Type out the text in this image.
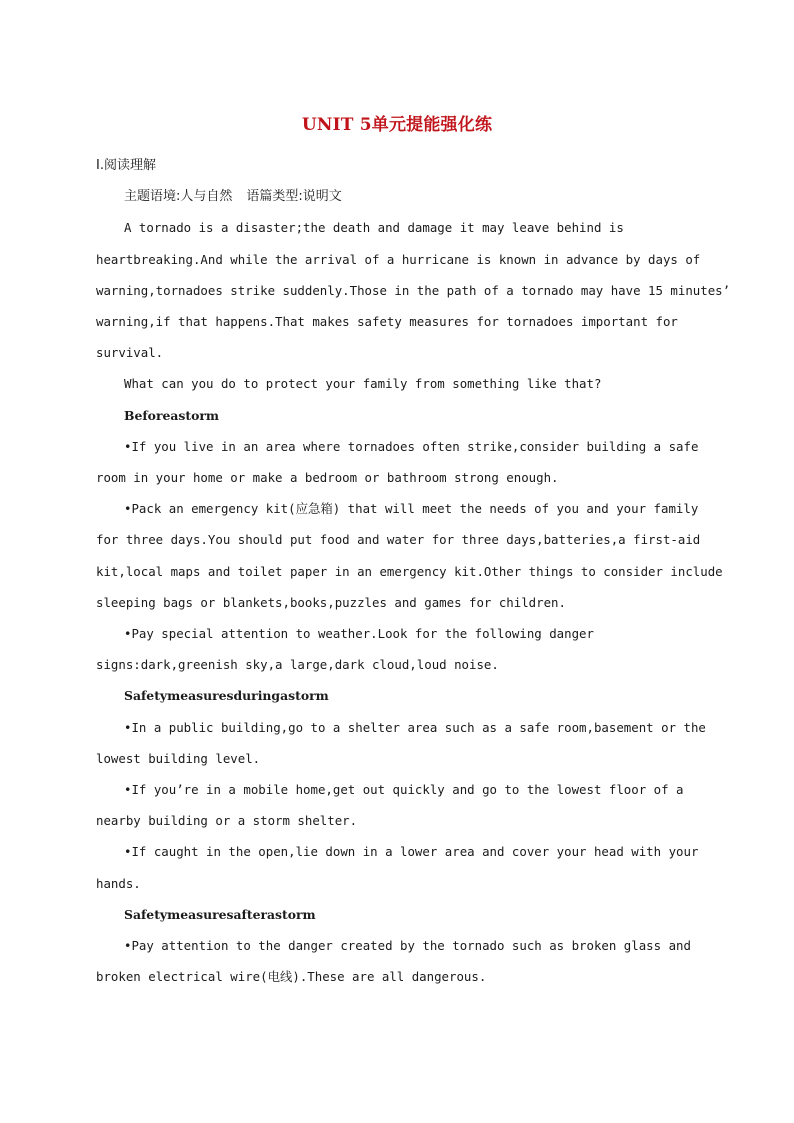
UNIT 5单元提能强化练
Ⅰ.阅读理解
主题语境:人与自然 语篇类型:说明文
A tornado is a disaster;the death and damage it may leave behind is
heartbreaking.And while the arrival of a hurricane is known in advance by days of
warning,tornadoes strike suddenly.Those in the path of a tornado may have 15 minutes’
warning,if that happens.That makes safety measures for tornadoes important for
survival.
What can you do to protect your family from something like that?
Beforeastorm
•If you live in an area where tornadoes often strike,consider building a safe
room in your home or make a bedroom or bathroom strong enough.
•Pack an emergency kit(应急箱) that will meet the needs of you and your family
for three days.You should put food and water for three days,batteries,a first-aid
kit,local maps and toilet paper in an emergency kit.Other things to consider include
sleeping bags or blankets,books,puzzles and games for children.
•Pay special attention to weather.Look for the following danger
signs:dark,greenish sky,a large,dark cloud,loud noise.
Safetymeasuresduringastorm
•In a public building,go to a shelter area such as a safe room,basement or the
lowest building level.
•If you’re in a mobile home,get out quickly and go to the lowest floor of a
nearby building or a storm shelter.
•If caught in the open,lie down in a lower area and cover your head with your
hands.
Safetymeasuresafterastorm
•Pay attention to the danger created by the tornado such as broken glass and
broken electrical wire(电线).These are all dangerous.
